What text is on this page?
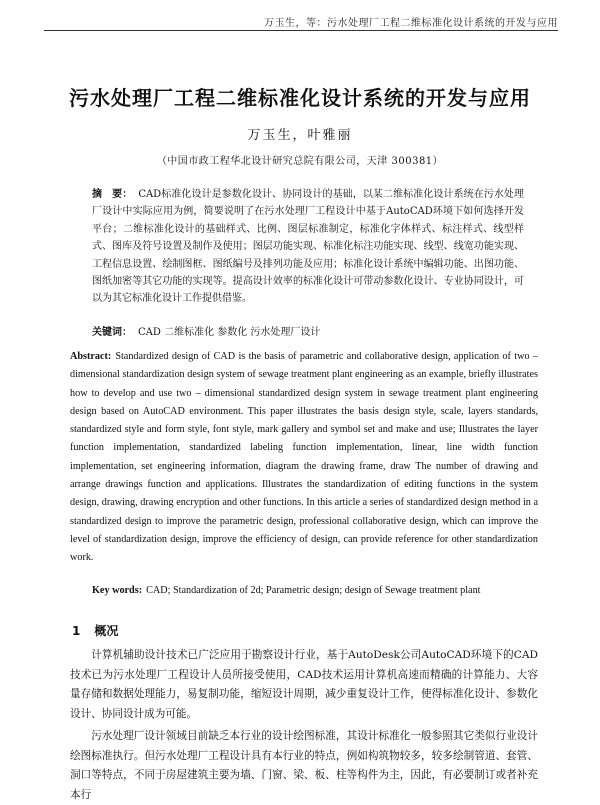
万玉生，等：污水处理厂工程二维标准化设计系统的开发与应用
污水处理厂工程二维标准化设计系统的开发与应用
万玉生，叶雅丽
（中国市政工程华北设计研究总院有限公司，天津 300381）
摘　要： CAD标准化设计是参数化设计、协同设计的基础，以某二维标准化设计系统在污水处理厂设计中实际应用为例，简要说明了在污水处理厂工程设计中基于AutoCAD环境下如何选择开发平台；二维标准化设计的基础样式、比例、图层标准制定，标准化字体样式、标注样式、线型样式、图库及符号设置及制作及使用；图层功能实现、标准化标注功能实现、线型、线宽功能实现、工程信息设置、绘制图框、图纸编号及排列功能及应用；标准化设计系统中编辑功能、出图功能、图纸加密等其它功能的实现等。提高设计效率的标准化设计可带动参数化设计、专业协同设计，可以为其它标准化设计工作提供借鉴。
关键词： CAD 二维标准化 参数化 污水处理厂设计
Abstract: Standardized design of CAD is the basis of parametric and collaborative design, application of two – dimensional standardization design system of sewage treatment plant engineering as an example, briefly illustrates how to develop and use two – dimensional standardized design system in sewage treatment plant engineering design based on AutoCAD environment. This paper illustrates the basis design style, scale, layers standards, standardized style and form style, font style, mark gallery and symbol set and make and use; Illustrates the layer function implementation, standardized labeling function implementation, linear, line width function implementation, set engineering information, diagram the drawing frame, draw The number of drawing and arrange drawings function and applications. Illustrates the standardization of editing functions in the system design, drawing, drawing encryption and other functions. In this article a series of standardized design method in a standardized design to improve the parametric design, professional collaborative design, which can improve the level of standardization design, improve the efficiency of design, can provide reference for other standardization work.
Key words: CAD; Standardization of 2d; Parametric design; design of Sewage treatment plant
1 概况
计算机辅助设计技术已广泛应用于勘察设计行业，基于AutoDesk公司AutoCAD环境下的CAD技术已为污水处理厂工程设计人员所接受使用，CAD技术运用计算机高速而精确的计算能力、大容量存储和数据处理能力，易复制功能，缩短设计周期，减少重复设计工作，使得标准化设计、参数化设计、协同设计成为可能。
污水处理厂设计领域目前缺乏本行业的设计绘图标准，其设计标准化一般参照其它类似行业设计绘图标准执行。但污水处理厂工程设计具有本行业的特点，例如构筑物较多，较多绘制管道、套管、洞口等特点，不同于房屋建筑主要为墙、门窗、梁、板、柱等构件为主，因此，有必要制订或者补充本行
